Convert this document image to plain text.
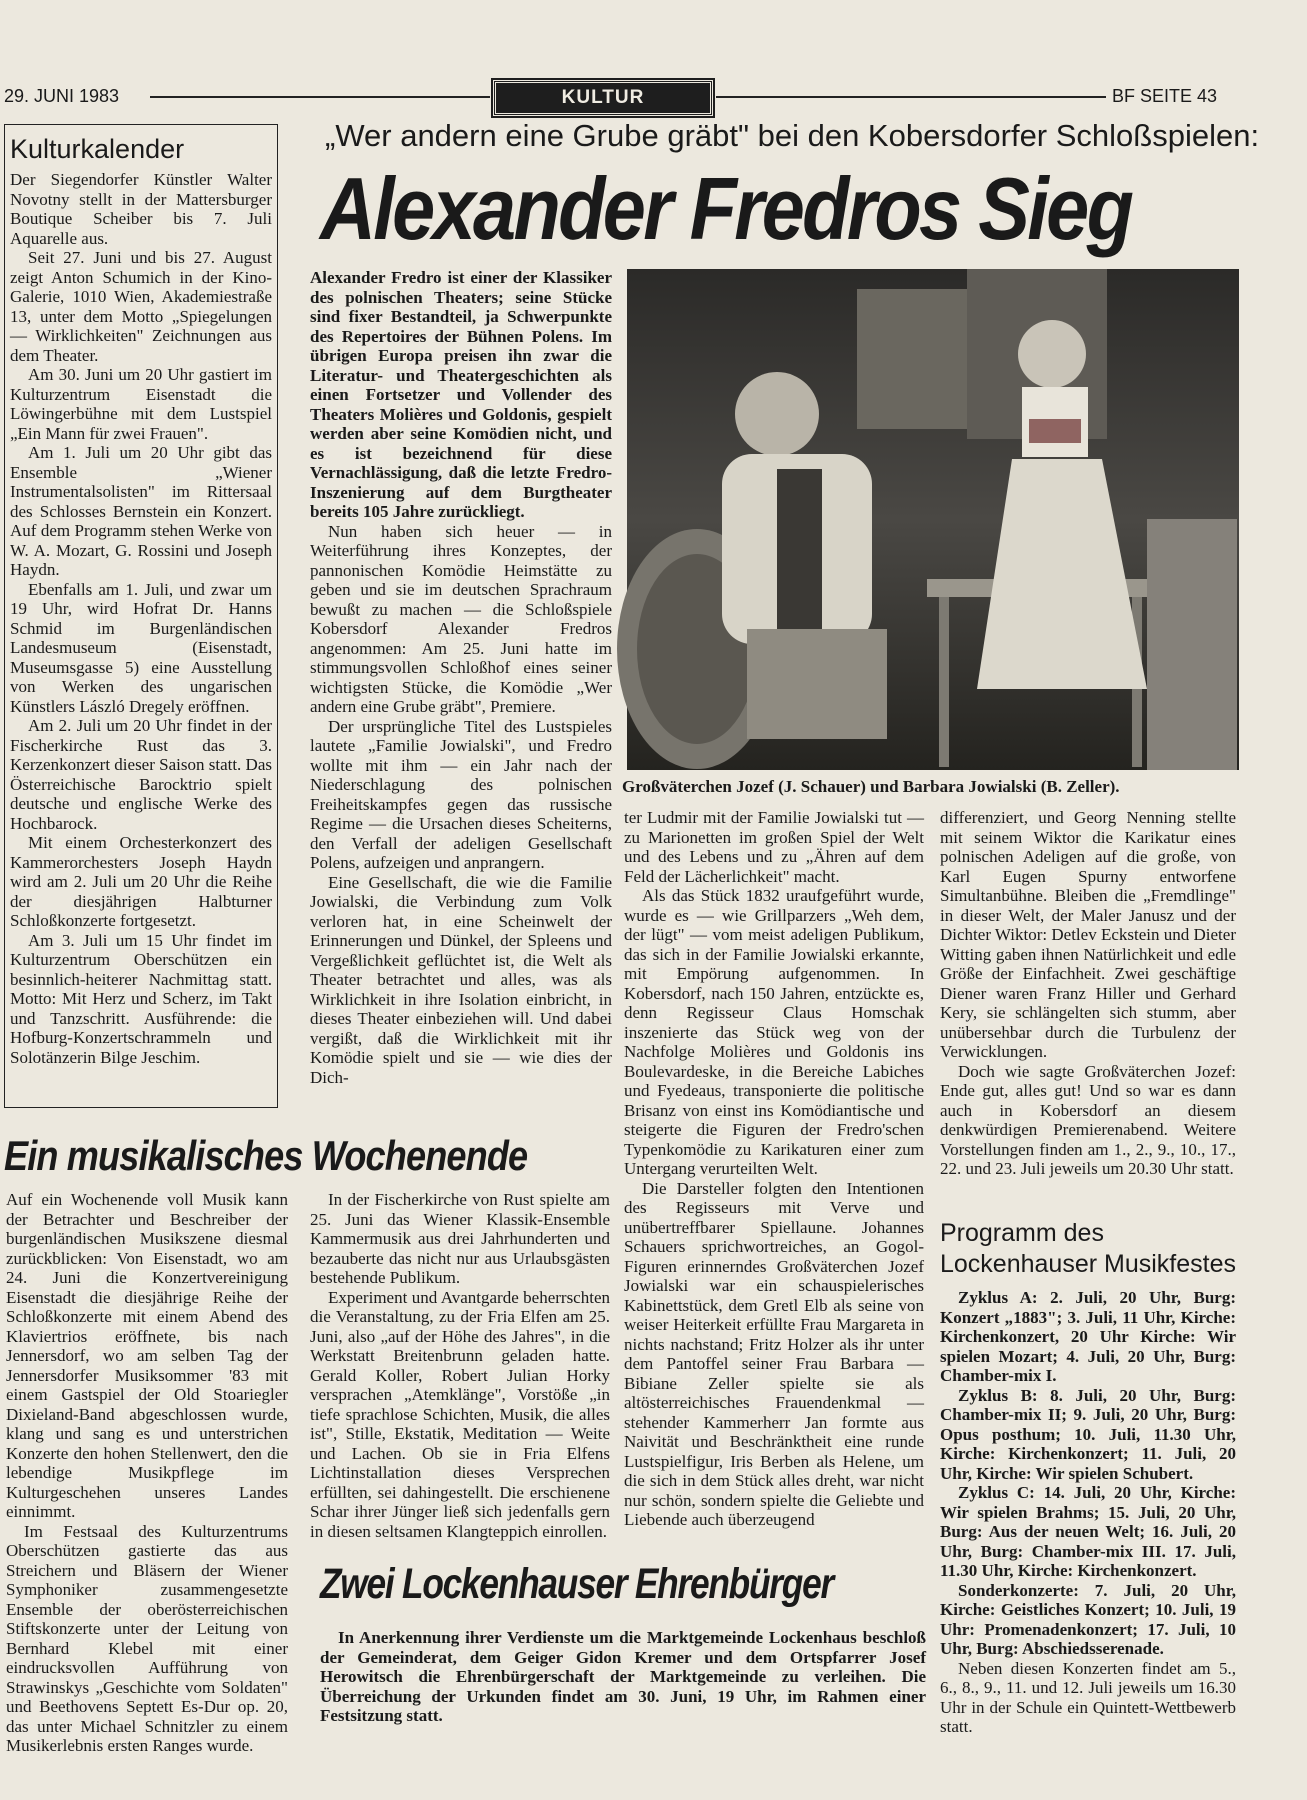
29. JUNI 1983	KULTUR	BF SEITE 43
Kulturkalender

Der Siegendorfer Künstler Walter Novotny stellt in der Mattersburger Boutique Scheiber bis 7. Juli Aquarelle aus.

Seit 27. Juni und bis 27. August zeigt Anton Schumich in der Kino-Galerie, 1010 Wien, Akademiestraße 13, unter dem Motto „Spiegelungen — Wirklichkeiten" Zeichnungen aus dem Theater.

Am 30. Juni um 20 Uhr gastiert im Kulturzentrum Eisenstadt die Löwingerbühne mit dem Lustspiel „Ein Mann für zwei Frauen".

Am 1. Juli um 20 Uhr gibt das Ensemble „Wiener Instrumentalsolisten" im Rittersaal des Schlosses Bernstein ein Konzert. Auf dem Programm stehen Werke von W. A. Mozart, G. Rossini und Joseph Haydn.

Ebenfalls am 1. Juli, und zwar um 19 Uhr, wird Hofrat Dr. Hanns Schmid im Burgenländischen Landesmuseum (Eisenstadt, Museumsgasse 5) eine Ausstellung von Werken des ungarischen Künstlers László Dregely eröffnen.

Am 2. Juli um 20 Uhr findet in der Fischerkirche Rust das 3. Kerzenkonzert dieser Saison statt. Das Österreichische Barocktrio spielt deutsche und englische Werke des Hochbarock.

Mit einem Orchesterkonzert des Kammerorchesters Joseph Haydn wird am 2. Juli um 20 Uhr die Reihe der diesjährigen Halbturner Schloßkonzerte fortgesetzt.

Am 3. Juli um 15 Uhr findet im Kulturzentrum Oberschützen ein besinnlich-heiterer Nachmittag statt. Motto: Mit Herz und Scherz, im Takt und Tanzschritt. Ausführende: die Hofburg-Konzertschrammeln und Solotänzerin Bilge Jeschim.

„Wer andern eine Grube gräbt" bei den Kobersdorfer Schloßspielen:
Alexander Fredros Sieg

Alexander Fredro ist einer der Klassiker des polnischen Theaters; seine Stücke sind fixer Bestandteil, ja Schwerpunkte des Repertoires der Bühnen Polens. Im übrigen Europa preisen ihn zwar die Literatur- und Theatergeschichten als einen Fortsetzer und Vollender des Theaters Molières und Goldonis, gespielt werden aber seine Komödien nicht, und es ist bezeichnend für diese Vernachlässigung, daß die letzte Fredro-Inszenierung auf dem Burgtheater bereits 105 Jahre zurückliegt.

Nun haben sich heuer — in Weiterführung ihres Konzeptes, der pannonischen Komödie Heimstätte zu geben und sie im deutschen Sprachraum bewußt zu machen — die Schloßspiele Kobersdorf Alexander Fredros angenommen: Am 25. Juni hatte im stimmungsvollen Schloßhof eines seiner wichtigsten Stücke, die Komödie „Wer andern eine Grube gräbt", Premiere.

Der ursprüngliche Titel des Lustspieles lautete „Familie Jowialski", und Fredro wollte mit ihm — ein Jahr nach der Niederschlagung des polnischen Freiheitskampfes gegen das russische Regime — die Ursachen dieses Scheiterns, den Verfall der adeligen Gesellschaft Polens, aufzeigen und anprangern.

Eine Gesellschaft, die wie die Familie Jowialski, die Verbindung zum Volk verloren hat, in eine Scheinwelt der Erinnerungen und Dünkel, der Spleens und Vergeßlichkeit geflüchtet ist, die Welt als Theater betrachtet und alles, was als Wirklichkeit in ihre Isolation einbricht, in dieses Theater einbeziehen will. Und dabei vergißt, daß die Wirklichkeit mit ihr Komödie spielt und sie — wie dies der Dich-

Großväterchen Jozef (J. Schauer) und Barbara Jowialski (B. Zeller).

ter Ludmir mit der Familie Jowialski tut — zu Marionetten im großen Spiel der Welt und des Lebens und zu „Ähren auf dem Feld der Lächerlichkeit" macht.

Als das Stück 1832 uraufgeführt wurde, wurde es — wie Grillparzers „Weh dem, der lügt" — vom meist adeligen Publikum, das sich in der Familie Jowialski erkannte, mit Empörung aufgenommen. In Kobersdorf, nach 150 Jahren, entzückte es, denn Regisseur Claus Homschak inszenierte das Stück weg von der Nachfolge Molières und Goldonis ins Boulevardeske, in die Bereiche Labiches und Fyedeaus, transponierte die politische Brisanz von einst ins Komödiantische und steigerte die Figuren der Fredro'schen Typenkomödie zu Karikaturen einer zum Untergang verurteilten Welt.

Die Darsteller folgten den Intentionen des Regisseurs mit Verve und unübertreffbarer Spiellaune. Johannes Schauers sprichwortreiches, an Gogol-Figuren erinnerndes Großväterchen Jozef Jowialski war ein schauspielerisches Kabinettstück, dem Gretl Elb als seine von weiser Heiterkeit erfüllte Frau Margareta in nichts nachstand; Fritz Holzer als ihr unter dem Pantoffel seiner Frau Barbara — Bibiane Zeller spielte sie als altösterreichisches Frauendenkmal — stehender Kammerherr Jan formte aus Naivität und Beschränktheit eine runde Lustspielfigur, Iris Berben als Helene, um die sich in dem Stück alles dreht, war nicht nur schön, sondern spielte die Geliebte und Liebende auch überzeugend

differenziert, und Georg Nenning stellte mit seinem Wiktor die Karikatur eines polnischen Adeligen auf die große, von Karl Eugen Spurny entworfene Simultanbühne. Bleiben die „Fremdlinge" in dieser Welt, der Maler Janusz und der Dichter Wiktor: Detlev Eckstein und Dieter Witting gaben ihnen Natürlichkeit und edle Größe der Einfachheit. Zwei geschäftige Diener waren Franz Hiller und Gerhard Kery, sie schlängelten sich stumm, aber unübersehbar durch die Turbulenz der Verwicklungen.

Doch wie sagte Großväterchen Jozef: Ende gut, alles gut! Und so war es dann auch in Kobersdorf an diesem denkwürdigen Premierenabend. Weitere Vorstellungen finden am 1., 2., 9., 10., 17., 22. und 23. Juli jeweils um 20.30 Uhr statt.

Ein musikalisches Wochenende

Auf ein Wochenende voll Musik kann der Betrachter und Beschreiber der burgenländischen Musikszene diesmal zurückblicken: Von Eisenstadt, wo am 24. Juni die Konzertvereinigung Eisenstadt die diesjährige Reihe der Schloßkonzerte mit einem Abend des Klaviertrios eröffnete, bis nach Jennersdorf, wo am selben Tag der Jennersdorfer Musiksommer '83 mit einem Gastspiel der Old Stoariegler Dixieland-Band abgeschlossen wurde, klang und sang es und unterstrichen Konzerte den hohen Stellenwert, den die lebendige Musikpflege im Kulturgeschehen unseres Landes einnimmt.

Im Festsaal des Kulturzentrums Oberschützen gastierte das aus Streichern und Bläsern der Wiener Symphoniker zusammengesetzte Ensemble der oberösterreichischen Stiftskonzerte unter der Leitung von Bernhard Klebel mit einer eindrucksvollen Aufführung von Strawinskys „Geschichte vom Soldaten" und Beethovens Septett Es-Dur op. 20, das unter Michael Schnitzler zu einem Musikerlebnis ersten Ranges wurde.

In der Fischerkirche von Rust spielte am 25. Juni das Wiener Klassik-Ensemble Kammermusik aus drei Jahrhunderten und bezauberte das nicht nur aus Urlaubsgästen bestehende Publikum.

Experiment und Avantgarde beherrschten die Veranstaltung, zu der Fria Elfen am 25. Juni, also „auf der Höhe des Jahres", in die Werkstatt Breitenbrunn geladen hatte. Gerald Koller, Robert Julian Horky versprachen „Atemklänge", Vorstöße „in tiefe sprachlose Schichten, Musik, die alles ist", Stille, Ekstatik, Meditation — Weite und Lachen. Ob sie in Fria Elfens Lichtinstallation dieses Versprechen erfüllten, sei dahingestellt. Die erschienene Schar ihrer Jünger ließ sich jedenfalls gern in diesen seltsamen Klangteppich einrollen.

Programm des Lockenhauser Musikfestes

Zyklus A: 2. Juli, 20 Uhr, Burg: Konzert „1883"; 3. Juli, 11 Uhr, Kirche: Kirchenkonzert, 20 Uhr Kirche: Wir spielen Mozart; 4. Juli, 20 Uhr, Burg: Chamber-mix I.

Zyklus B: 8. Juli, 20 Uhr, Burg: Chamber-mix II; 9. Juli, 20 Uhr, Burg: Opus posthum; 10. Juli, 11.30 Uhr, Kirche: Kirchenkonzert; 11. Juli, 20 Uhr, Kirche: Wir spielen Schubert.

Zyklus C: 14. Juli, 20 Uhr, Kirche: Wir spielen Brahms; 15. Juli, 20 Uhr, Burg: Aus der neuen Welt; 16. Juli, 20 Uhr, Burg: Chamber-mix III. 17. Juli, 11.30 Uhr, Kirche: Kirchenkonzert.

Sonderkonzerte: 7. Juli, 20 Uhr, Kirche: Geistliches Konzert; 10. Juli, 19 Uhr: Promenadenkonzert; 17. Juli, 10 Uhr, Burg: Abschiedsserenade.

Neben diesen Konzerten findet am 5., 6., 8., 9., 11. und 12. Juli jeweils um 16.30 Uhr in der Schule ein Quintett-Wettbewerb statt.

Zwei Lockenhauser Ehrenbürger

In Anerkennung ihrer Verdienste um die Marktgemeinde Lockenhaus beschloß der Gemeinderat, dem Geiger Gidon Kremer und dem Ortspfarrer Josef Herowitsch die Ehrenbürgerschaft der Marktgemeinde zu verleihen. Die Überreichung der Urkunden findet am 30. Juni, 19 Uhr, im Rahmen einer Festsitzung statt.
